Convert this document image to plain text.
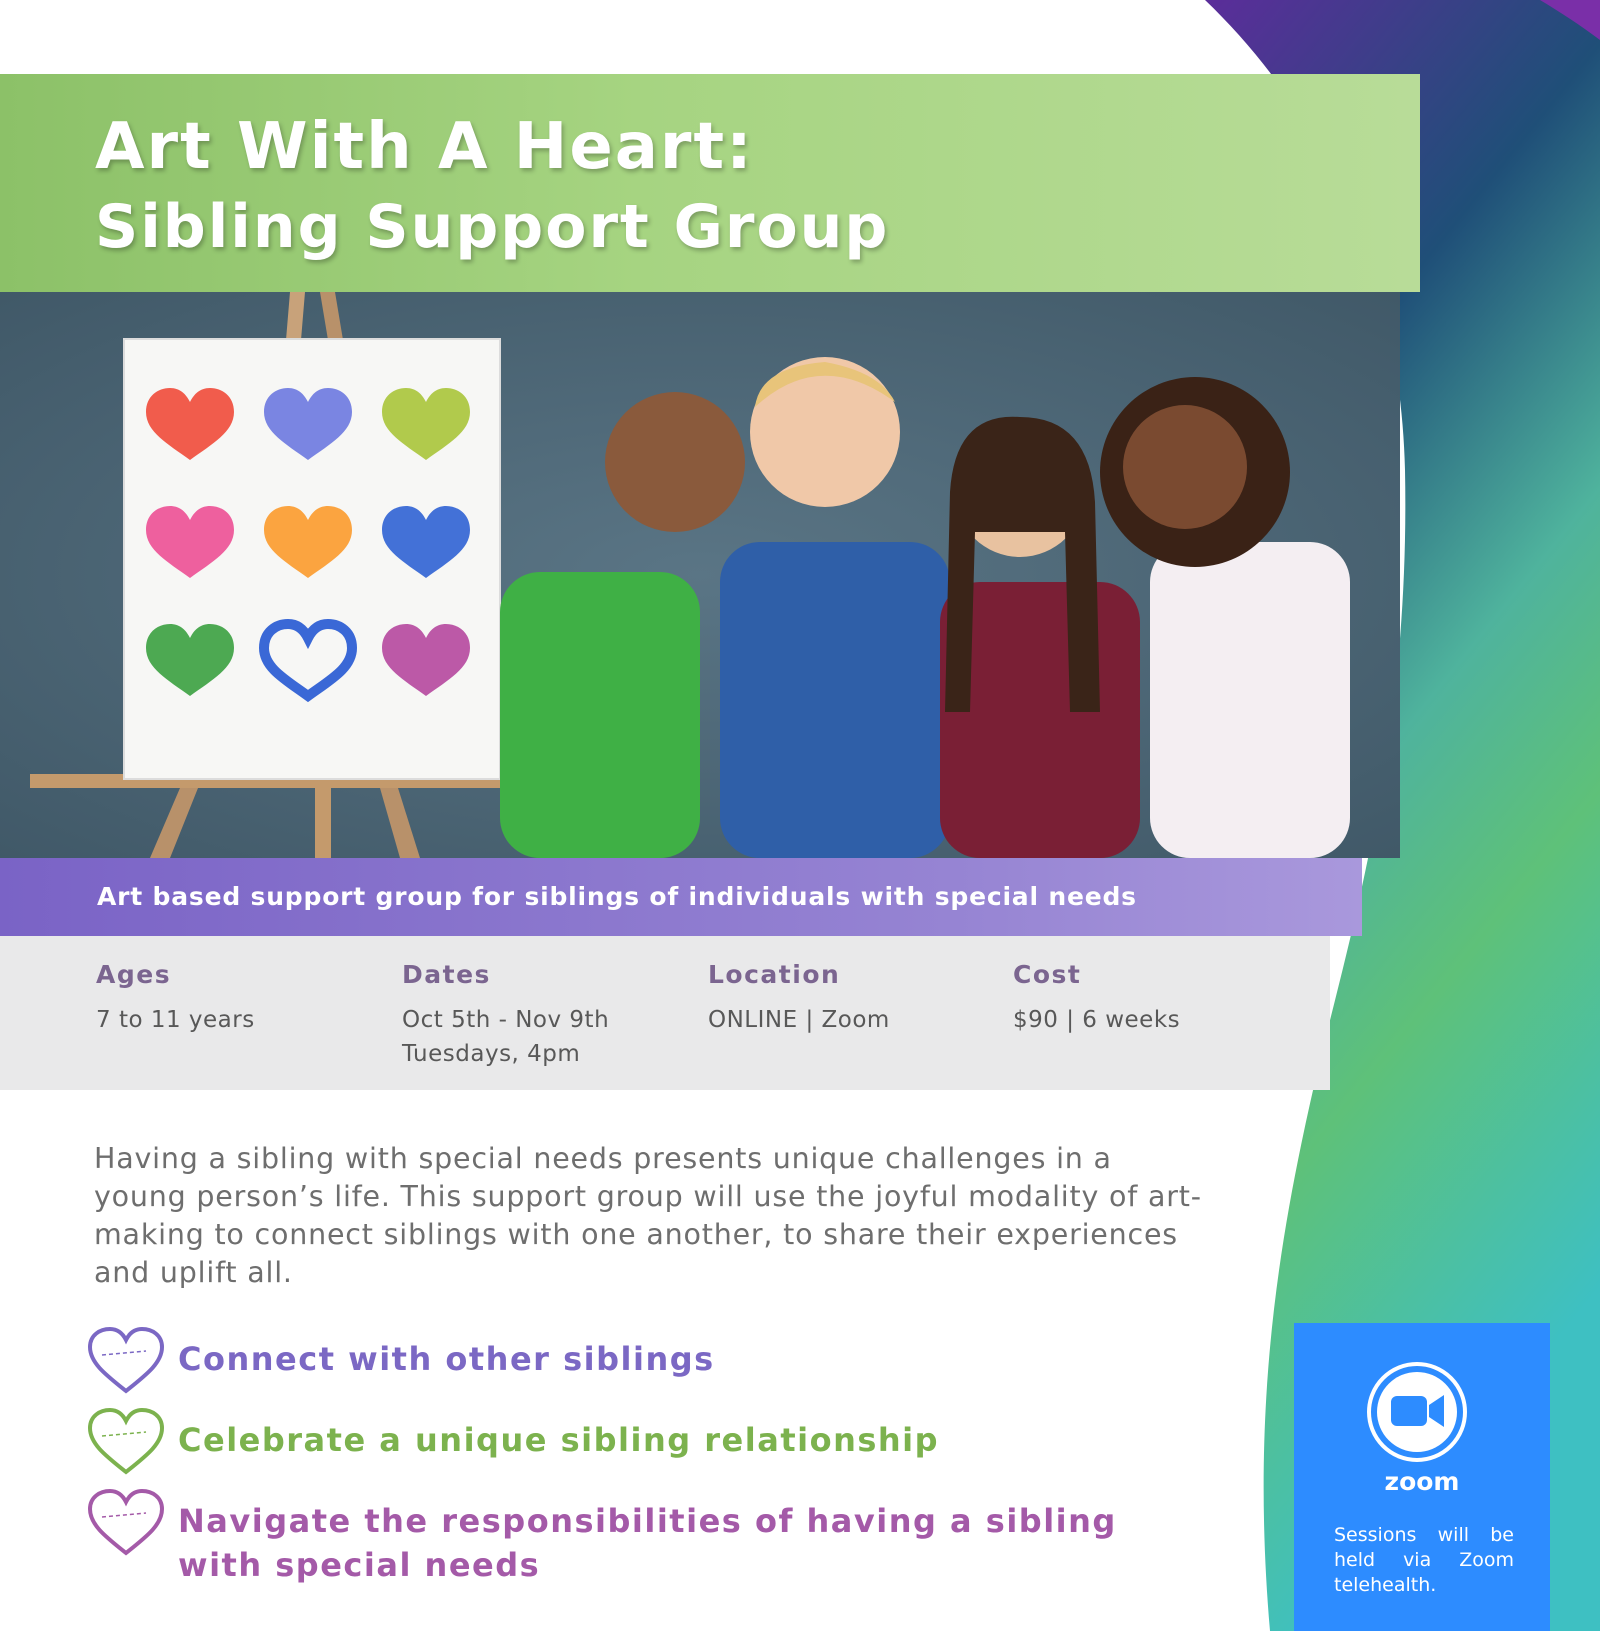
Art With A Heart:
Sibling Support Group
Art based support group for siblings of individuals with special needs
Ages
7 to 11 years
Dates
Oct 5th - Nov 9th
Tuesdays, 4pm
Location
ONLINE | Zoom
Cost
$90 | 6 weeks
Having a sibling with special needs presents unique challenges in a young person’s life. This support group will use the joyful modality of art-making to connect siblings with one another, to share their experiences and uplift all.
Connect with other siblings
Celebrate a unique sibling relationship
Navigate the responsibilities of having a sibling with special needs
zoom
Sessions will be held via Zoom telehealth.
